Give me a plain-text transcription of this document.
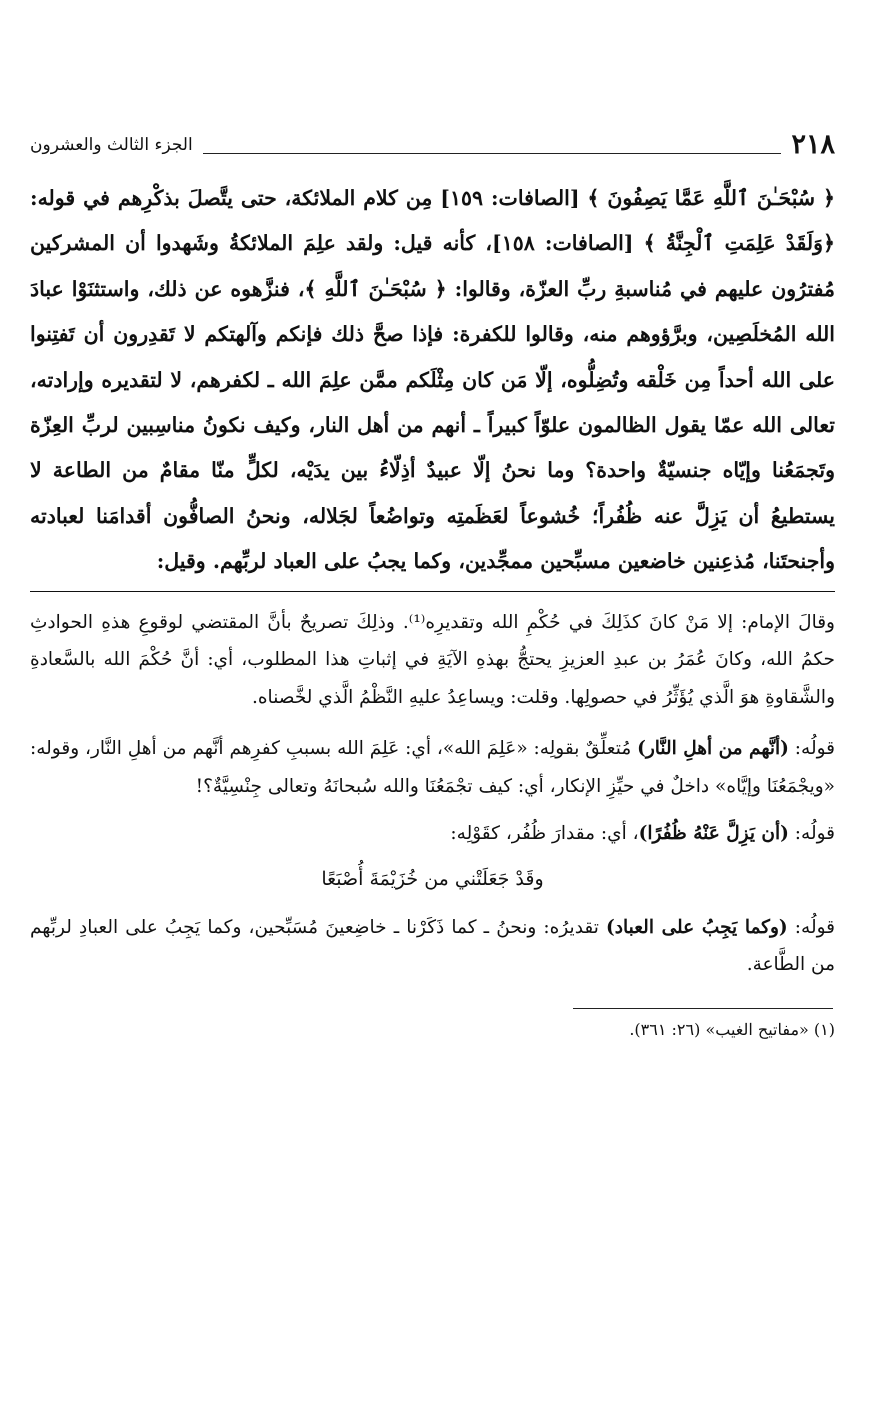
٢١٨
الجزء الثالث والعشرون
﴿ سُبْحَـٰنَ ٱللَّهِ عَمَّا يَصِفُونَ ﴾ [الصافات: ١٥٩] مِن كلام الملائكة، حتى يتَّصلَ بذكْرِهم في قوله: ﴿وَلَقَدْ عَلِمَتِ ٱلْجِنَّةُ ﴾ [الصافات: ١٥٨]، كأنه قيل: ولقد علِمَ الملائكةُ وشَهدوا أن المشركين مُفترُون عليهم في مُناسبةِ ربِّ العزّة، وقالوا: ﴿ سُبْحَـٰنَ ٱللَّهِ ﴾، فنزَّهوه عن ذلك، واستثنَوْا عبادَ الله المُخلَصِين، وبرَّؤوهم منه، وقالوا للكفرة: فإذا صحَّ ذلك فإنكم وآلهتكم لا تَقدِرون أن تَفتِنوا على الله أحداً مِن خَلْقه وتُضِلُّوه، إلّا مَن كان مِثْلَكم ممَّن علِمَ الله ـ لكفرهم، لا لتقديره وإرادته، تعالى الله عمّا يقول الظالمون علوّاً كبيراً ـ أنهم من أهل النار، وكيف نكونُ مناسِبين لربِّ العِزّة وتَجمَعُنا وإيّاه جنسيّةٌ واحدة؟ وما نحنُ إلّا عبيدٌ أذِلّاءُ بين يدَيْه، لكلٍّ منّا مقامٌ من الطاعة لا يستطيعُ أن يَزِلَّ عنه ظُفُراً؛ خُشوعاً لعَظَمتِه وتواضُعاً لجَلاله، ونحنُ الصافُّون أقدامَنا لعبادته وأجنحتَنا، مُذعِنين خاضعين مسبِّحين ممجِّدين، وكما يجبُ على العباد لربِّهم. وقيل:
وقالَ الإمام: إلا مَنْ كانَ كذَلِكَ في حُكْمِ الله وتقديرِه⁽¹⁾. وذلِكَ تصريحٌ بأنَّ المقتضي لوقوعِ هذهِ الحوادثِ حكمُ الله، وكانَ عُمَرُ بن عبدِ العزيزِ يحتجُّ بهذهِ الآيَةِ في إثباتِ هذا المطلوب، أي: أنَّ حُكْمَ الله بالسَّعادةِ والشَّقاوةِ هوَ الَّذي يُؤَثِّرُ في حصولِها. وقلت: ويساعِدُ عليهِ النَّظْمُ الَّذي لخَّصناه.
قولُه: (أنَّهم من أهلِ النَّار) مُتعلِّقٌ بقولِه: «عَلِمَ الله»، أي: عَلِمَ الله بسببِ كفرِهم أنَّهم من أهلِ النَّار، وقوله: «ويجْمَعُنَا وإيَّاه» داخلٌ في حيِّزِ الإنكار، أي: كيف تجْمَعُنَا والله سُبحانَهُ وتعالى جِنْسِيَّةٌ؟!
قولُه: (أن يَزِلَّ عَنْهُ ظُفُرًا)، أي: مقدارَ ظُفُر، كقَوْلِه:
وقَدْ جَعَلَتْني من خُزَيْمَةَ أُصْبَعًا
قولُه: (وكما يَجِبُ على العباد) تقديرُه: ونحنُ ـ كما ذَكَرْنا ـ خاضِعينَ مُسَبِّحين، وكما يَجِبُ على العبادِ لربِّهم من الطَّاعة.
(١) «مفاتيح الغيب» (٢٦: ٣٦١).
